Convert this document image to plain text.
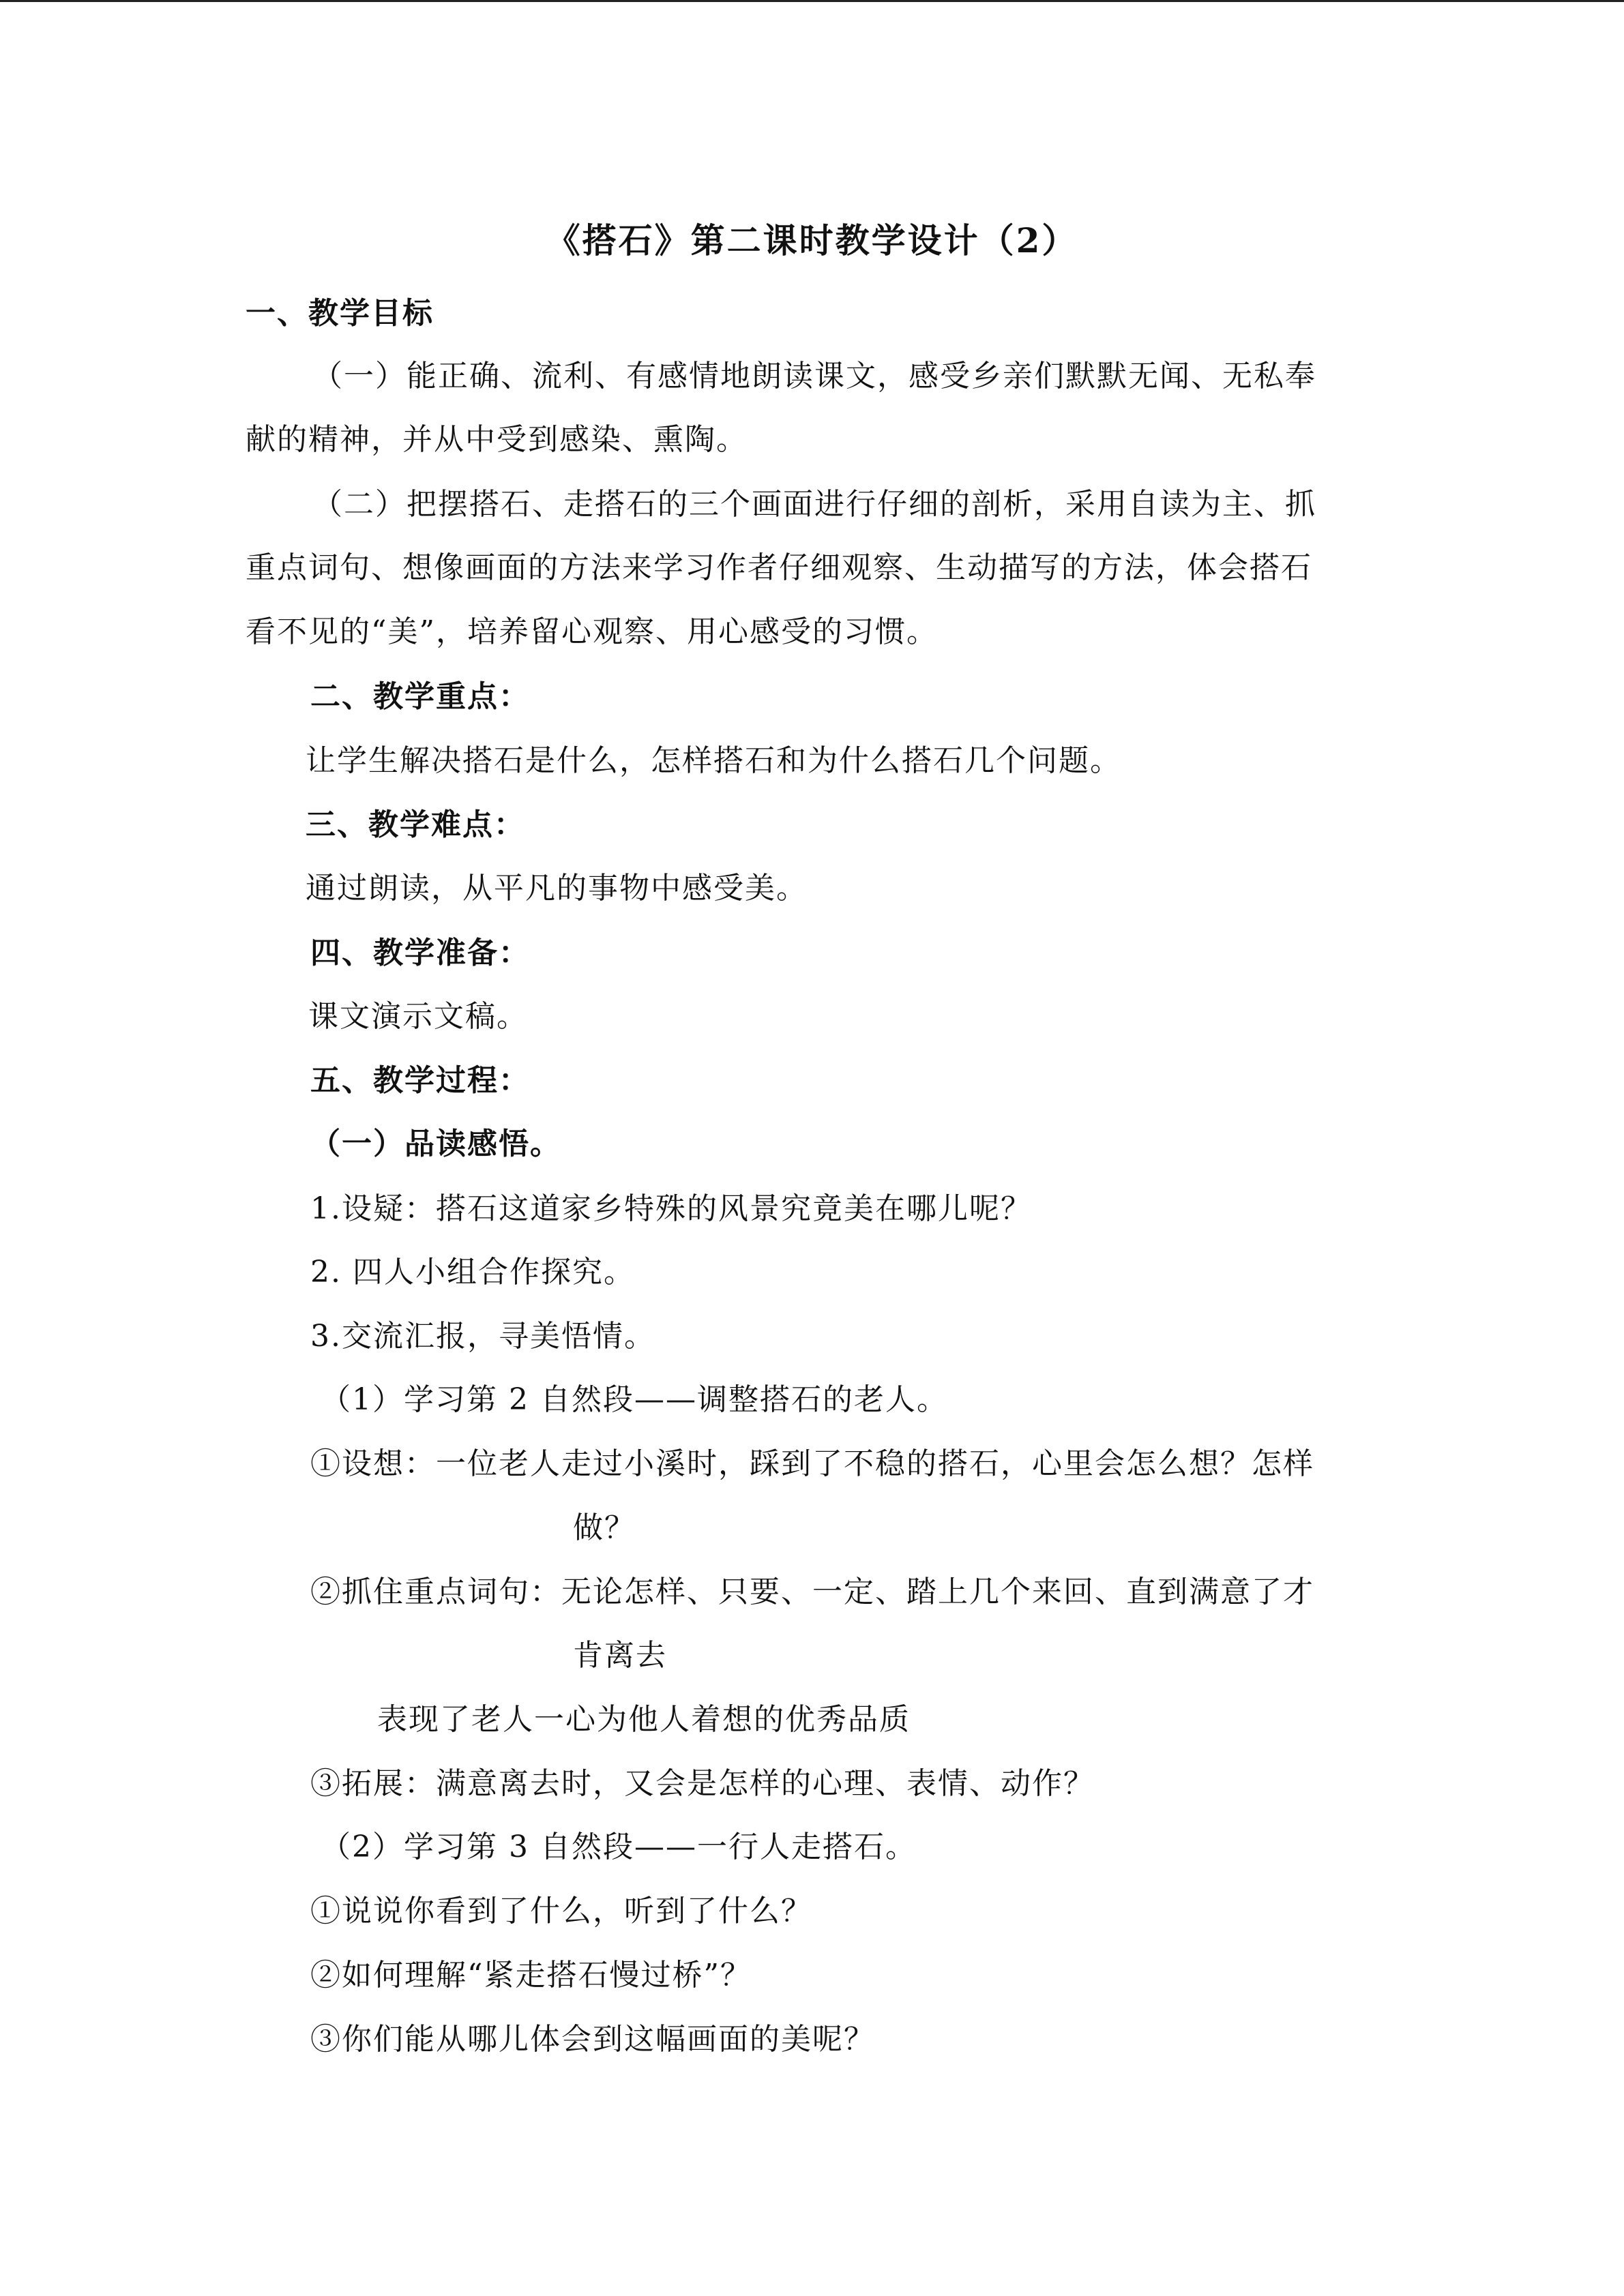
《搭石》第二课时教学设计（2）
一、教学目标
（一）能正确、流利、有感情地朗读课文，感受乡亲们默默无闻、无私奉
献的精神，并从中受到感染、熏陶。
（二）把摆搭石、走搭石的三个画面进行仔细的剖析，采用自读为主、抓
重点词句、想像画面的方法来学习作者仔细观察、生动描写的方法，体会搭石
看不见的“美”，培养留心观察、用心感受的习惯。
二、教学重点：
让学生解决搭石是什么，怎样搭石和为什么搭石几个问题。
三、教学难点：
通过朗读，从平凡的事物中感受美。
四、教学准备：
课文演示文稿。
五、教学过程：
（一）品读感悟。
1.设疑：搭石这道家乡特殊的风景究竟美在哪儿呢？
2. 四人小组合作探究。
3.交流汇报，寻美悟情。
（1）学习第 2 自然段——调整搭石的老人。
①设想：一位老人走过小溪时，踩到了不稳的搭石，心里会怎么想？怎样
做？
②抓住重点词句：无论怎样、只要、一定、踏上几个来回、直到满意了才
肯离去
表现了老人一心为他人着想的优秀品质
③拓展：满意离去时，又会是怎样的心理、表情、动作？
（2）学习第 3 自然段——一行人走搭石。
①说说你看到了什么，听到了什么？
②如何理解“紧走搭石慢过桥”？
③你们能从哪儿体会到这幅画面的美呢？
